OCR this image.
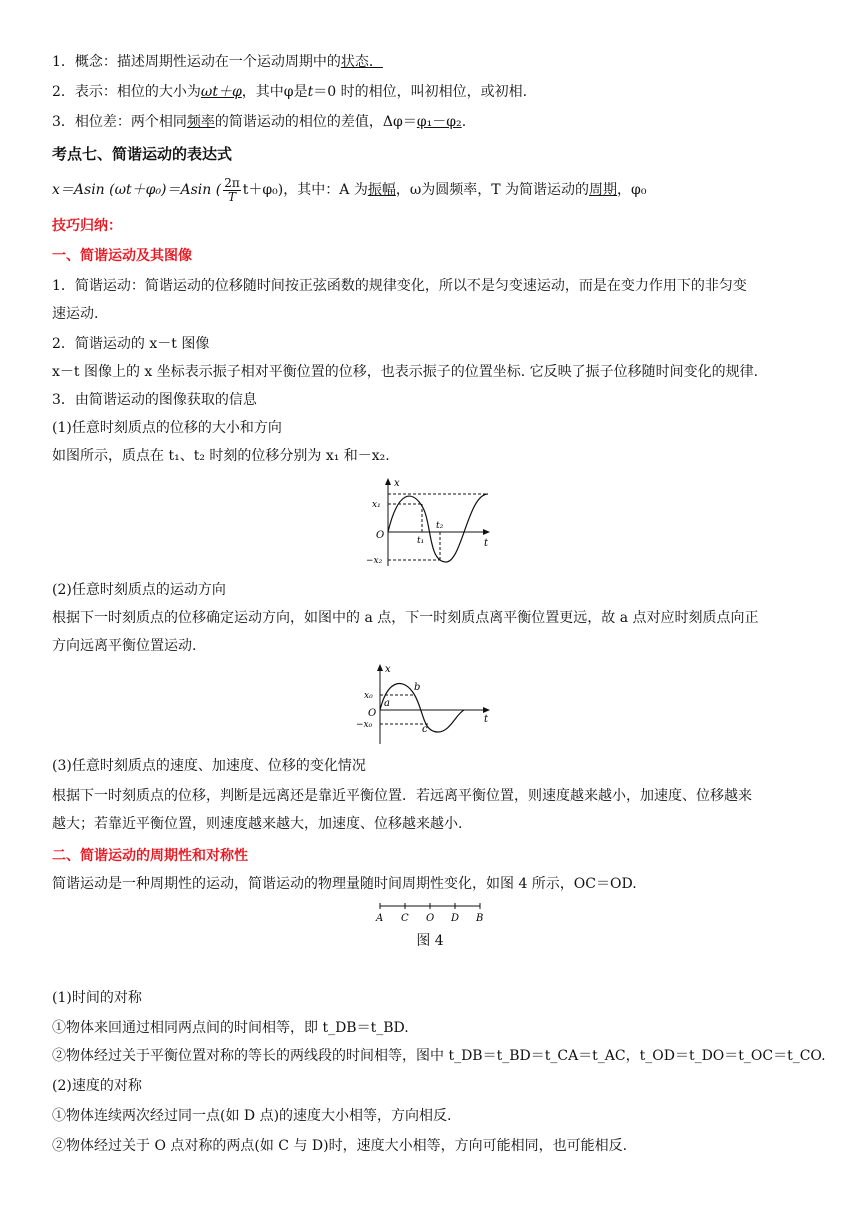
1．概念：描述周期性运动在一个运动周期中的状态．
2．表示：相位的大小为ωt＋φ，其中φ是t＝0 时的相位，叫初相位，或初相.
3．相位差：两个相同频率的简谐运动的相位的差值，Δφ＝φ₁－φ₂.
考点七、简谐运动的表达式
x＝Asin (ωt＋φ₀)＝Asin ( $\frac{2\pi}{T} t+\varphi_0$)，其中：A 为振幅，ω为圆频率，T 为简谐运动的周期，φ₀
技巧归纳：
一、简谐运动及其图像
1．简谐运动：简谐运动的位移随时间按正弦函数的规律变化，所以不是匀变速运动，而是在变力作用下的非匀变
速运动.
2．简谐运动的 x－t 图像
x－t 图像上的 x 坐标表示振子相对平衡位置的位移，也表示振子的位置坐标. 它反映了振子位移随时间变化的规律.
3．由简谐运动的图像获取的信息
(1)任意时刻质点的位移的大小和方向
如图所示，质点在 t₁、t₂ 时刻的位移分别为 x₁ 和－x₂.
x
t
O
x₁
−x₂
t₁
t₂
(2)任意时刻质点的运动方向
根据下一时刻质点的位移确定运动方向，如图中的 a 点，下一时刻质点离平衡位置更远，故 a 点对应时刻质点向正
方向远离平衡位置运动.
x
t
O
x₀
−x₀
a
b
c
(3)任意时刻质点的速度、加速度、位移的变化情况
根据下一时刻质点的位移，判断是远离还是靠近平衡位置．若远离平衡位置，则速度越来越小，加速度、位移越来
越大；若靠近平衡位置，则速度越来越大，加速度、位移越来越小.
二、简谐运动的周期性和对称性
简谐运动是一种周期性的运动，简谐运动的物理量随时间周期性变化，如图 4 所示，OC＝OD.
A C O D B
图 4
(1)时间的对称
①物体来回通过相同两点间的时间相等，即 t_DB＝t_BD.
②物体经过关于平衡位置对称的等长的两线段的时间相等，图中 t_DB＝t_BD＝t_CA＝t_AC，t_OD＝t_DO＝t_OC＝t_CO.
(2)速度的对称
①物体连续两次经过同一点(如 D 点)的速度大小相等，方向相反.
②物体经过关于 O 点对称的两点(如 C 与 D)时，速度大小相等，方向可能相同，也可能相反.
